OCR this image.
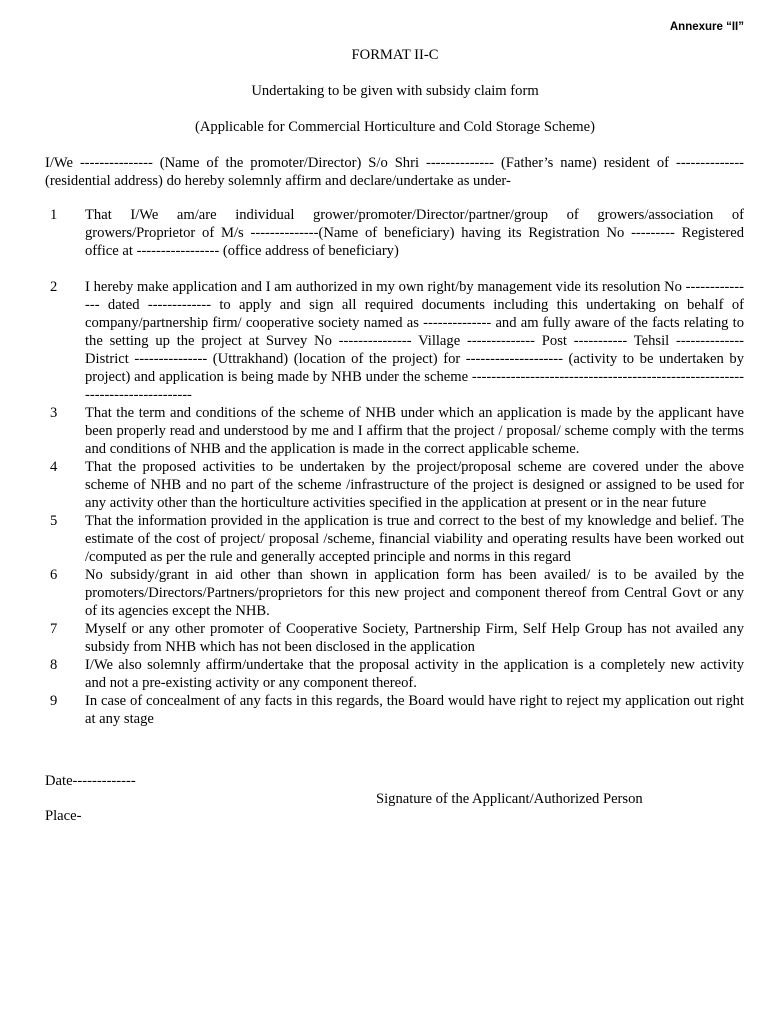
Annexure “II”
FORMAT II-C
Undertaking to be given with subsidy claim form
(Applicable for Commercial Horticulture and Cold Storage Scheme)
I/We --------------- (Name of the promoter/Director) S/o Shri -------------- (Father’s name) resident of -------------- (residential address) do hereby solemnly affirm and declare/undertake as under-
1	That I/We am/are individual grower/promoter/Director/partner/group of growers/association of growers/Proprietor of M/s --------------(Name of beneficiary) having its Registration No --------- Registered office at ----------------- (office address of beneficiary)
2	I hereby make application and I am authorized in my own right/by management vide its resolution No --------------- dated ------------- to apply and sign all required documents including this undertaking on behalf of company/partnership firm/ cooperative society named as -------------- and am fully aware of the facts relating to the setting up the project at Survey No --------------- Village -------------- Post ----------- Tehsil -------------- District --------------- (Uttrakhand) (location of the project) for -------------------- (activity to be undertaken by project) and application is being made by NHB under the scheme ------------------------------------------------------------------------------
3	That the term and conditions of the scheme of NHB under which an application is made by the applicant have been properly read and understood by me and I affirm that the project / proposal/ scheme comply with the terms and conditions of NHB and the application is made in the correct applicable scheme.
4	That the proposed activities to be undertaken by the project/proposal scheme are covered under the above scheme of NHB and no part of the scheme /infrastructure of the project is designed or assigned to be used for any activity other than the horticulture activities specified in the application at present or in the near future
5	That the information provided in the application is true and correct to the best of my knowledge and belief. The estimate of the cost of project/ proposal /scheme, financial viability and operating results have been worked out /computed as per the rule and generally accepted principle and norms in this regard
6	No subsidy/grant in aid other than shown in application form has been availed/ is to be availed by the promoters/Directors/Partners/proprietors for this new project and component thereof from Central Govt or any of its agencies except the NHB.
7	Myself or any other promoter of Cooperative Society, Partnership Firm, Self Help Group has not availed any subsidy from NHB which has not been disclosed in the application
8	I/We also solemnly affirm/undertake that the proposal activity in the application is a completely new activity and not a pre-existing activity or any component thereof.
9	In case of concealment of any facts in this regards, the Board would have right to reject my application out right at any stage
Date-------------
Signature of the Applicant/Authorized Person
Place-
